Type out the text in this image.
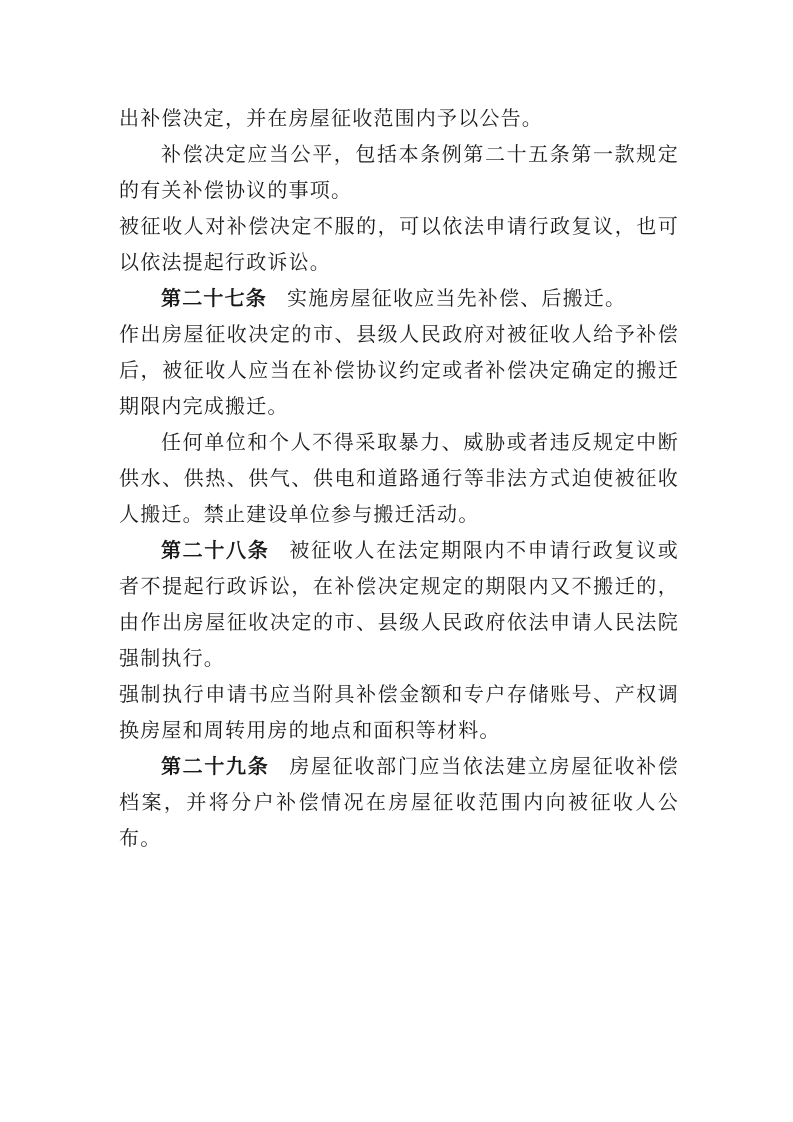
出补偿决定，并在房屋征收范围内予以公告。

补偿决定应当公平，包括本条例第二十五条第一款规定的有关补偿协议的事项。

被征收人对补偿决定不服的，可以依法申请行政复议，也可以依法提起行政诉讼。

第二十七条 实施房屋征收应当先补偿、后搬迁。

作出房屋征收决定的市、县级人民政府对被征收人给予补偿后，被征收人应当在补偿协议约定或者补偿决定确定的搬迁期限内完成搬迁。

任何单位和个人不得采取暴力、威胁或者违反规定中断供水、供热、供气、供电和道路通行等非法方式迫使被征收人搬迁。禁止建设单位参与搬迁活动。

第二十八条 被征收人在法定期限内不申请行政复议或者不提起行政诉讼，在补偿决定规定的期限内又不搬迁的，由作出房屋征收决定的市、县级人民政府依法申请人民法院强制执行。

强制执行申请书应当附具补偿金额和专户存储账号、产权调换房屋和周转用房的地点和面积等材料。

第二十九条 房屋征收部门应当依法建立房屋征收补偿档案，并将分户补偿情况在房屋征收范围内向被征收人公布。
